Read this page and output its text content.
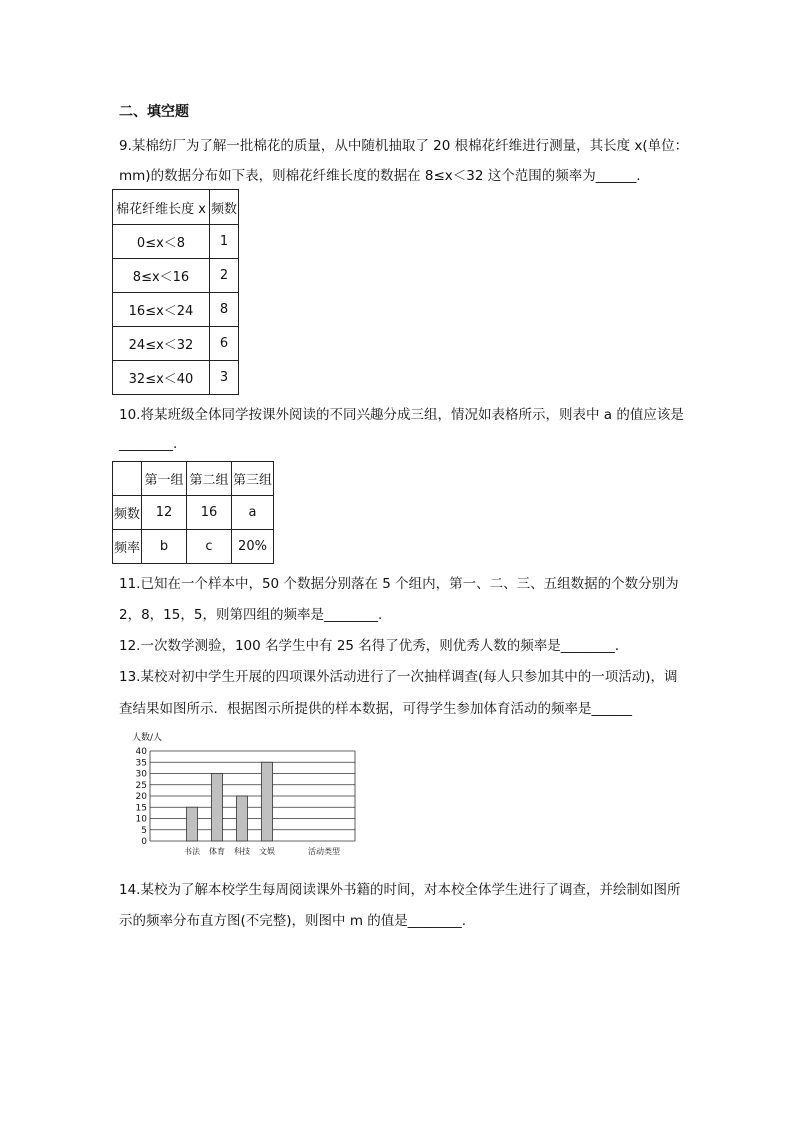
二、填空题
9.某棉纺厂为了解一批棉花的质量，从中随机抽取了 20 根棉花纤维进行测量，其长度 x(单位：
mm)的数据分布如下表，则棉花纤维长度的数据在 8≤x＜32 这个范围的频率为______.
棉花纤维长度 x	频数
0≤x＜8	1
8≤x＜16	2
16≤x＜24	8
24≤x＜32	6
32≤x＜40	3
10.将某班级全体同学按课外阅读的不同兴趣分成三组，情况如表格所示，则表中 a 的值应该是
________.
	第一组	第二组	第三组
频数	12	16	a
频率	b	c	20%
11.已知在一个样本中，50 个数据分别落在 5 个组内，第一、二、三、五组数据的个数分别为
2，8，15，5，则第四组的频率是________.
12.一次数学测验，100 名学生中有 25 名得了优秀，则优秀人数的频率是________.
13.某校对初中学生开展的四项课外活动进行了一次抽样调查(每人只参加其中的一项活动)，调
查结果如图所示．根据图示所提供的样本数据，可得学生参加体育活动的频率是______
0
5
10
15
20
25
30
35
40
书法 体育 科技 文娱
人数/人
活动类型
14.某校为了解本校学生每周阅读课外书籍的时间，对本校全体学生进行了调查，并绘制如图所
示的频率分布直方图(不完整)，则图中 m 的值是________.
